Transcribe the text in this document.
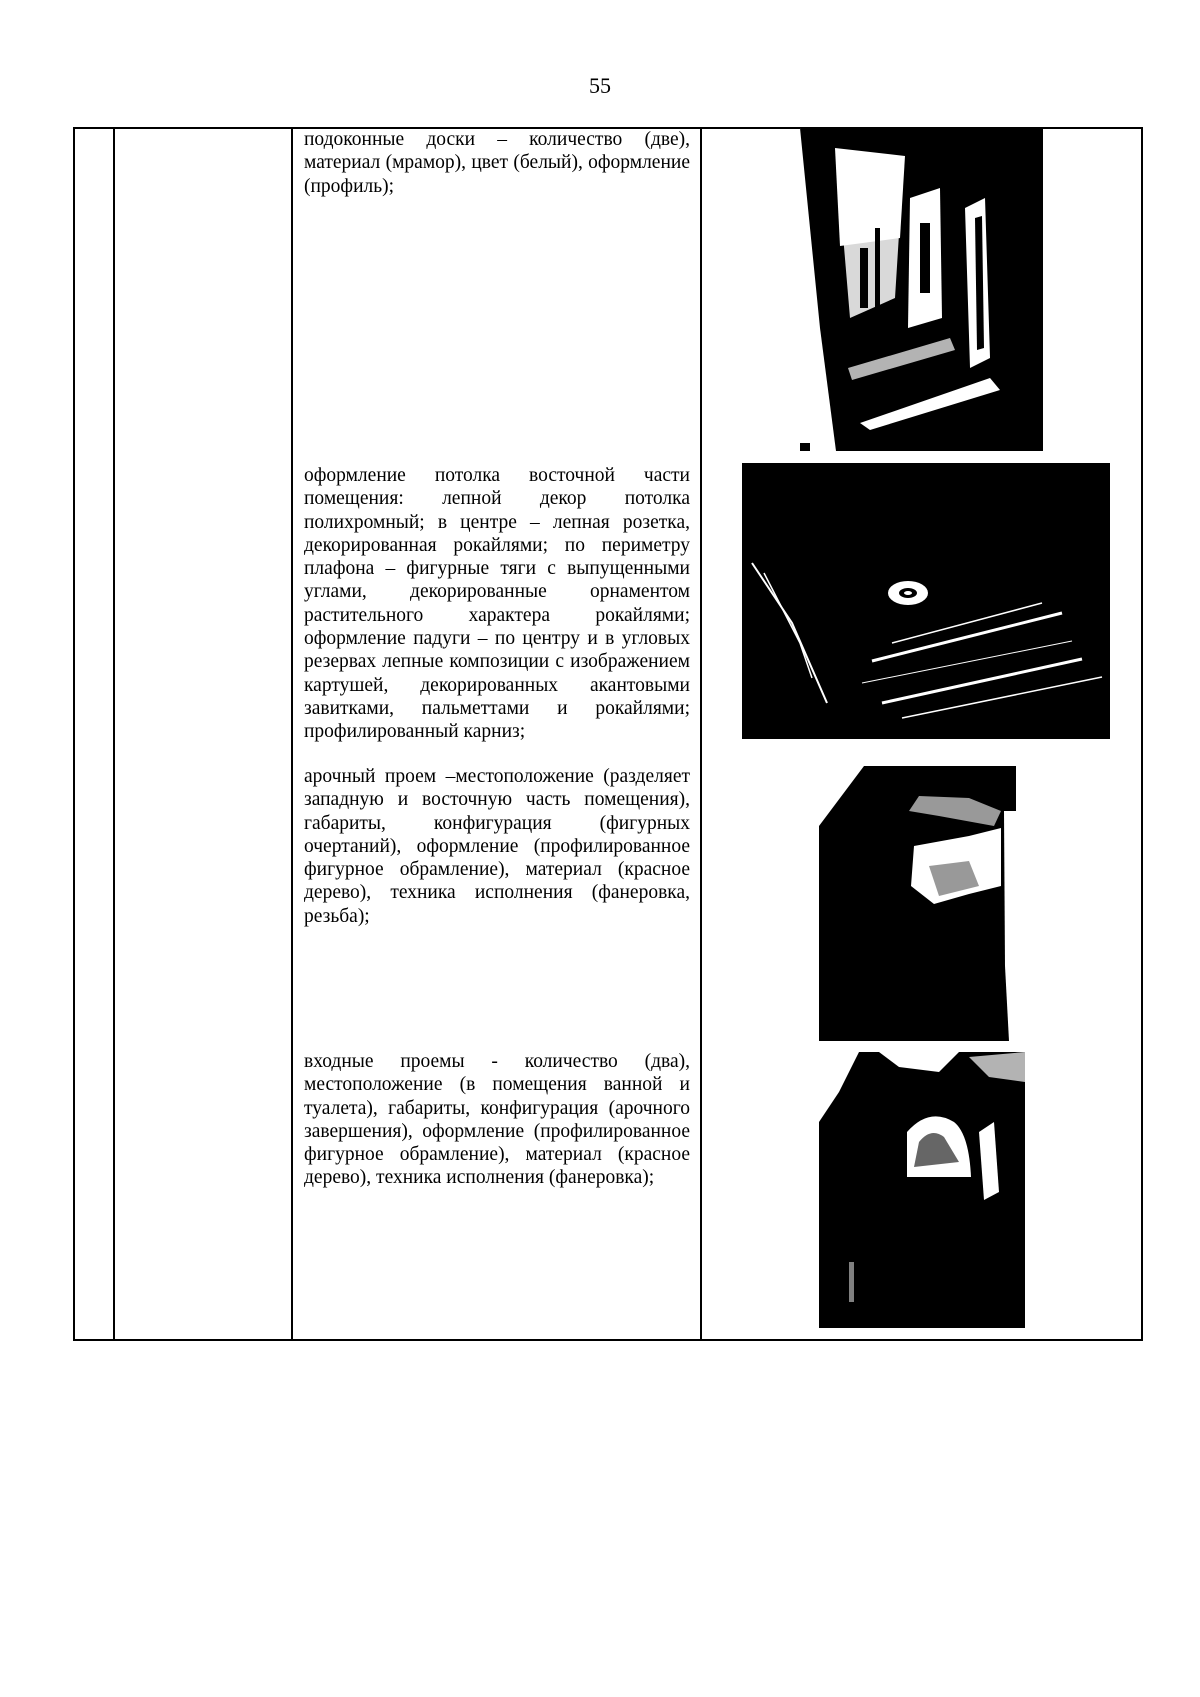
55
подоконные доски – количество (две), материал (мрамор), цвет (белый), оформление (профиль);
оформление потолка восточной части помещения: лепной декор потолка полихромный; в центре – лепная розетка, декорированная рокайлями; по периметру плафона – фигурные тяги с выпущенными углами, декорированные орнаментом растительного характера рокайлями; оформление падуги – по центру и в угловых резервах лепные композиции с изображением картушей, декорированных акантовыми завитками, пальметтами и рокайлями; профилированный карниз;
арочный проем –местоположение (разделяет западную и восточную часть помещения), габариты, конфигурация (фигурных очертаний), оформление (профилированное фигурное обрамление), материал (красное дерево), техника исполнения (фанеровка, резьба);
входные проемы - количество (два), местоположение (в помещения ванной и туалета), габариты, конфигурация (арочного завершения), оформление (профилированное фигурное обрамление), материал (красное дерево), техника исполнения (фанеровка);
